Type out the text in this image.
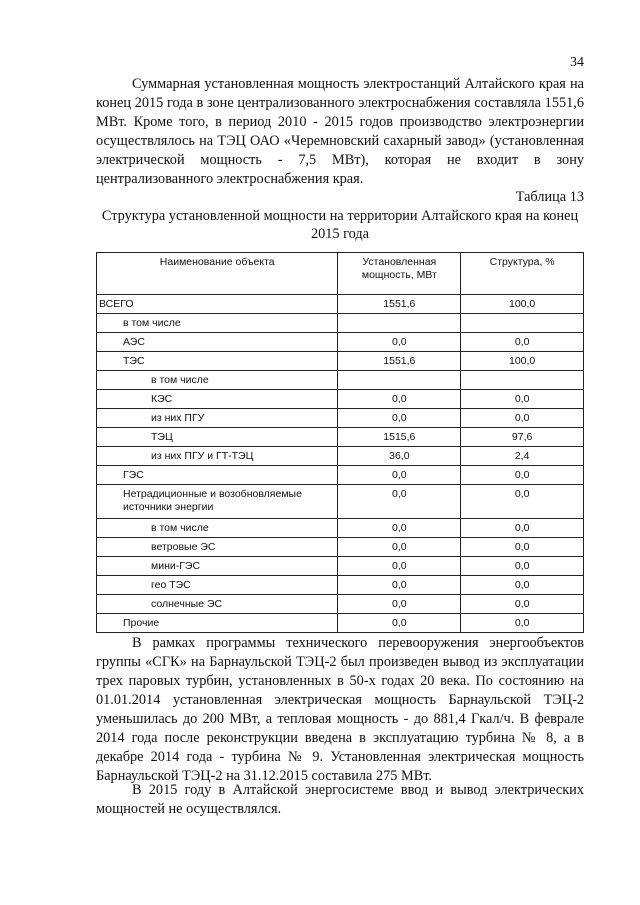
34

Суммарная установленная мощность электростанций Алтайского края на конец 2015 года в зоне централизованного электроснабжения составляла 1551,6 МВт. Кроме того, в период 2010 - 2015 годов производство электроэнергии осуществлялось на ТЭЦ ОАО «Черемновский сахарный завод» (установленная электрической мощность - 7,5 МВт), которая не входит в зону централизованного электроснабжения края.

Таблица 13
Структура установленной мощности на территории Алтайского края на конец 2015 года
Наименование объекта	Установленная мощность, МВт	Структура, %
ВСЕГО	1551,6	100,0
в том числе		
АЭС	0,0	0,0
ТЭС	1551,6	100,0
в том числе		
КЭС	0,0	0,0
из них ПГУ	0,0	0,0
ТЭЦ	1515,6	97,6
из них ПГУ и ГТ-ТЭЦ	36,0	2,4
ГЭС	0,0	0,0
Нетрадиционные и возобновляемые источники энергии	0,0	0,0
в том числе	0,0	0,0
ветровые ЭС	0,0	0,0
мини-ГЭС	0,0	0,0
гео ТЭС	0,0	0,0
солнечные ЭС	0,0	0,0
Прочие	0,0	0,0

В рамках программы технического перевооружения энергообъектов группы «СГК» на Барнаульской ТЭЦ-2 был произведен вывод из эксплуатации трех паровых турбин, установленных в 50-х годах 20 века. По состоянию на 01.01.2014 установленная электрическая мощность Барнаульской ТЭЦ-2 уменьшилась до 200 МВт, а тепловая мощность - до 881,4 Гкал/ч. В феврале 2014 года после реконструкции введена в эксплуатацию турбина № 8, а в декабре 2014 года - турбина № 9. Установленная электрическая мощность Барнаульской ТЭЦ-2 на 31.12.2015 составила 275 МВт.

В 2015 году в Алтайской энергосистеме ввод и вывод электрических мощностей не осуществлялся.
